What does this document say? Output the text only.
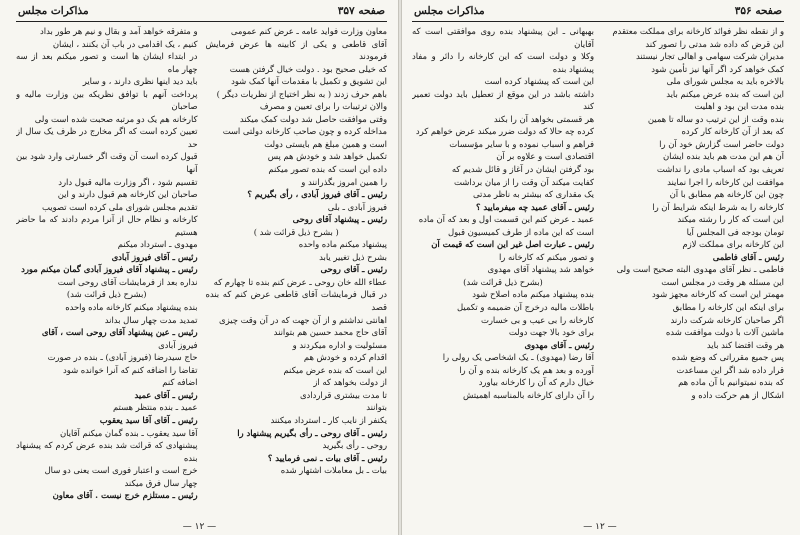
صفحه ۳۵۷
مذاکرات مجلس

معاون وزارت فواید عامه ـ عرض کنم عمومی

آقای قاطعی و یکی از کابینه ها عرض فرمایش فرمودند

که خیلی صحیح بود . دولت خیال گرفتن هست

این تشویق و تکمیل با مقدمات آنها کمک شود

باهم حرف زدند ( به نظر اختیاج از نظریات دیگر )

والان ترتیبات را برای تعیین و مصرف

وقتی موافقت حاصل شد دولت کمک میکند

مداخله کرده و چون صاحب کارخانه دولتی است

است و همین مبلغ هم بایستی دولت

تکمیل خواهد شد و خودش هم پس

داده این است که بنده تصور میکنم

را همین امروز بگذرانند و

رئیس ـ آقای فیروز آبادی ، رأی بگیریم ؟

فیروز آبادی ـ بلی

رئیس ـ پیشنهاد آقای روحی

( بشرح ذیل قرائت شد )

پیشنهاد میکنم ماده واحده

بشرح ذیل تغییر یابد

رئیس ـ آقای روحی

عطاء الله خان روحی ـ عرض کنم بنده تا چهارم که

در قبال فرمایشات آقای قاطعی عرض کنم که بنده قصد

اهانتی نداشتم و از آن جهت که در آن وقت چیزی

آقای حاج محمد حسین هم بتوانند

مسئولیت و اداره میکردند و

اقدام کرده و خودش هم

این است که بنده عرض میکنم

از دولت بخواهد که از

تا مدت بیشتری قراردادی

بتوانند

یکنفر از نایب کار ـ استرداد میکنند

رئیس ـ آقای روحی ـ رأی بگیریم پیشنهاد را

روحی ـ رأی بگیرید

رئیس ـ آقای بیات ـ نمی فرمایید ؟

بیات ـ بل معاملات اشتهار شده

و متفرقه خواهد آمد و بقال و نیم هر طور بداد

کنیم ، یک اقدامی در باب آن بکنند ، ایشان

در ابتداء ایشان ها است و تصور میکنم بعد از سه چهار ماه

باید دید اینها نظری دارند ، و سایر

پرداخت آنهم با توافق نظریکه بین وزارت مالیه و صاحبان

کارخانه هم یک دو مرتبه صحبت شده است ولی

تعیین کرده است که اگر مخارج در ظرف یک سال از حد

قبول کرده است آن وقت اگر خسارتی وارد شود بین آنها

تقسیم شود ، اگر وزارت مالیه قبول دارد

صاحبان این کارخانه هم قبول دارند و این

تقدیم مجلس شورای ملی کرده است تصویب

کارخانه و نظام حال از آنرا مردم دادند که ما حاضر هستیم

مهدوی ـ استرداد میکنم

رئیس ـ آقای فیروز آبادی

رئیس ـ پیشنهاد آقای فیروز آبادی گمان میکنم مورد

نداره بعد از فرمایشات آقای روحی است

(بشرح ذیل قرائت شد)

بنده پیشنهاد میکنم کارخانه ماده واحده

تمدید مدت چهار سال بداند

رئیس ـ عین پیشنهاد آقای روحی است ، آقای

فیروز آبادی

حاج سیدرضا (فیروز آبادی) ـ بنده در صورت

تقاضا را اضافه کنم که آنرا خوانده شود

اضافه کنم

رئیس ـ آقای عمید

عمید ـ بنده منتظر هستم

رئیس ـ آقای آقا سید یعقوب

آقا سید یعقوب ـ بنده گمان میکنم آقایان

پیشنهادی که قرائت شد بنده عرض کردم که پیشنهاد بنده

خرج است و اعتبار فوری است یعنی دو سال

چهار سال فرق میکند

رئیس ـ مستلزم خرج نیست . آقای معاون

— ۱۲ —
صفحه ۳۵۶
مذاکرات مجلس

و از نقطه نظر فوائد کارخانه برای مملکت معتقدم

این قرض که داده شد مدتی را تصور کند

مدیران شرکت سهامی و اهالی تجار نیستند

کمک خواهد کرد اگر آنها نیز تأمین شود

بالاخره باید به مجلس شورای ملی

این است که بنده عرض میکنم باید

بنده مدت این بود و اهلیت

بنده وقت از این ترتیب دو ساله تا همین

که بعد از آن کارخانه کار کرده

دولت حاضر است گزارش خود آن را

آن هم این مدت هم باید بنده ایشان

تعریف بود که اسباب مادی را نداشت

موافقت این کارخانه را اجرا نمایند

چون این کارخانه هم مطابق با آن

کارخانه را به شرط اینکه شرایط آن را

این است که کار را رشته میکند

تومان بودجه فی المجلس آیا

این کارخانه برای مملکت لازم

رئیس ـ آقای فاطمی

فاطمی ـ نظر آقای مهدوی البته صحیح است ولی

این مسئله هر وقت در مجلس است

مهمتر این است که کارخانه مجهز شود

برای اینکه این کارخانه را مطابق

اگر صاحبان کارخانه شرکت دارند

ماشین آلات با دولت موافقت شده

هر وقت اقتضا کند باید

پس جمیع مقرراتی که وضع شده

قرار داده شد اگر این مساعدت

که بنده نمیتوانیم با آن ماده هم

اشکال از هم حرکت داده و

بهبهانی ـ این پیشنهاد بنده روی موافقتی است که آقایان

وکلا و دولت است که این کارخانه را دائر و مفاد پیشنهاد بنده

این است که پیشنهاد کرده است

داشته باشد در این موقع از تعطیل باید دولت تعمیر کند

هر قسمتی بخواهد آن را بکند

کرده چه حالا که دولت ضرر میکند عرض خواهم کرد

فراهم و اسباب نموده و با سایر مؤسسات

اقتصادی است و علاوه بر آن

بود گرفتن ایشان در آغاز و قائل شدیم که

کفایت میکند آن وقت را از میان برداشت

یک مقداری که بیشتر به ناظر مدتی

رئیس ـ آقای عمید چه میفرمایید ؟

عمید ـ عرض کنم این قسمت اول و بعد که آن ماده

است که این ماده از طرف کمیسیون قبول

رئیس ـ عبارت اصل غیر این است که قیمت آن

و تصور میکنم که کارخانه را

خواهد شد پیشنهاد آقای مهدوی

(بشرح ذیل قرائت شد)

بنده پیشنهاد میکنم ماده اصلاح شود

باطلات مالیه درخرج آن ضمیمه و تکمیل

کارخانه را بی عیب و بی خسارت

برای خود بالا جهت دولت

رئیس ـ آقای مهدوی

آقا رضا (مهدوی) ـ یک اشخاصی یک رولی را

آورده و بعد هم یک کارخانه بنده و آن را

خیال دارم که آن را کارخانه بیاورد

را آن دارای کارخانه بالمناسبه اهمیتش

— ۱۲ —
